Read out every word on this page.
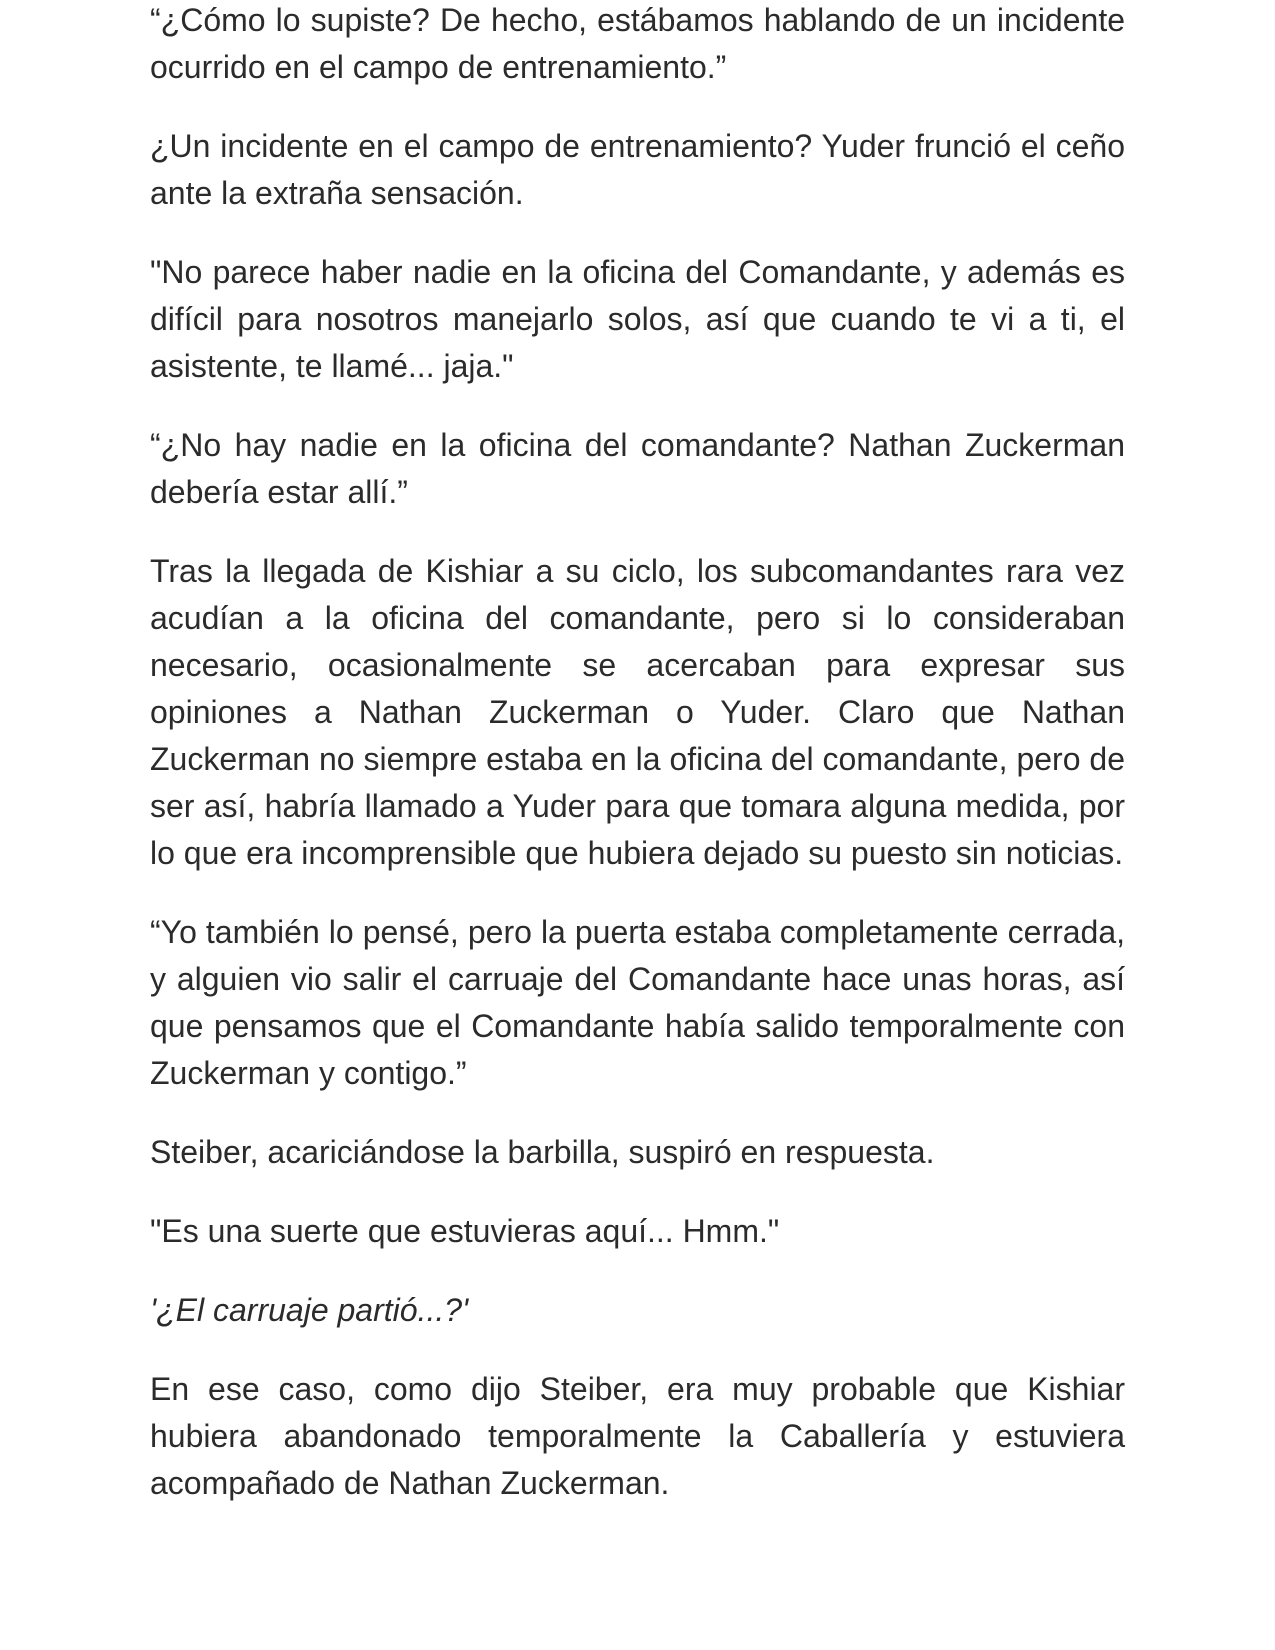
“¿Cómo lo supiste? De hecho, estábamos hablando de un incidente ocurrido en el campo de entrenamiento.”

¿Un incidente en el campo de entrenamiento? Yuder frunció el ceño ante la extraña sensación.

"No parece haber nadie en la oficina del Comandante, y además es difícil para nosotros manejarlo solos, así que cuando te vi a ti, el asistente, te llamé... jaja."

“¿No hay nadie en la oficina del comandante? Nathan Zuckerman debería estar allí.”

Tras la llegada de Kishiar a su ciclo, los subcomandantes rara vez acudían a la oficina del comandante, pero si lo consideraban necesario, ocasionalmente se acercaban para expresar sus opiniones a Nathan Zuckerman o Yuder. Claro que Nathan Zuckerman no siempre estaba en la oficina del comandante, pero de ser así, habría llamado a Yuder para que tomara alguna medida, por lo que era incomprensible que hubiera dejado su puesto sin noticias.

“Yo también lo pensé, pero la puerta estaba completamente cerrada, y alguien vio salir el carruaje del Comandante hace unas horas, así que pensamos que el Comandante había salido temporalmente con Zuckerman y contigo.”

Steiber, acariciándose la barbilla, suspiró en respuesta.

"Es una suerte que estuvieras aquí... Hmm."

'¿El carruaje partió...?'

En ese caso, como dijo Steiber, era muy probable que Kishiar hubiera abandonado temporalmente la Caballería y estuviera acompañado de Nathan Zuckerman.
